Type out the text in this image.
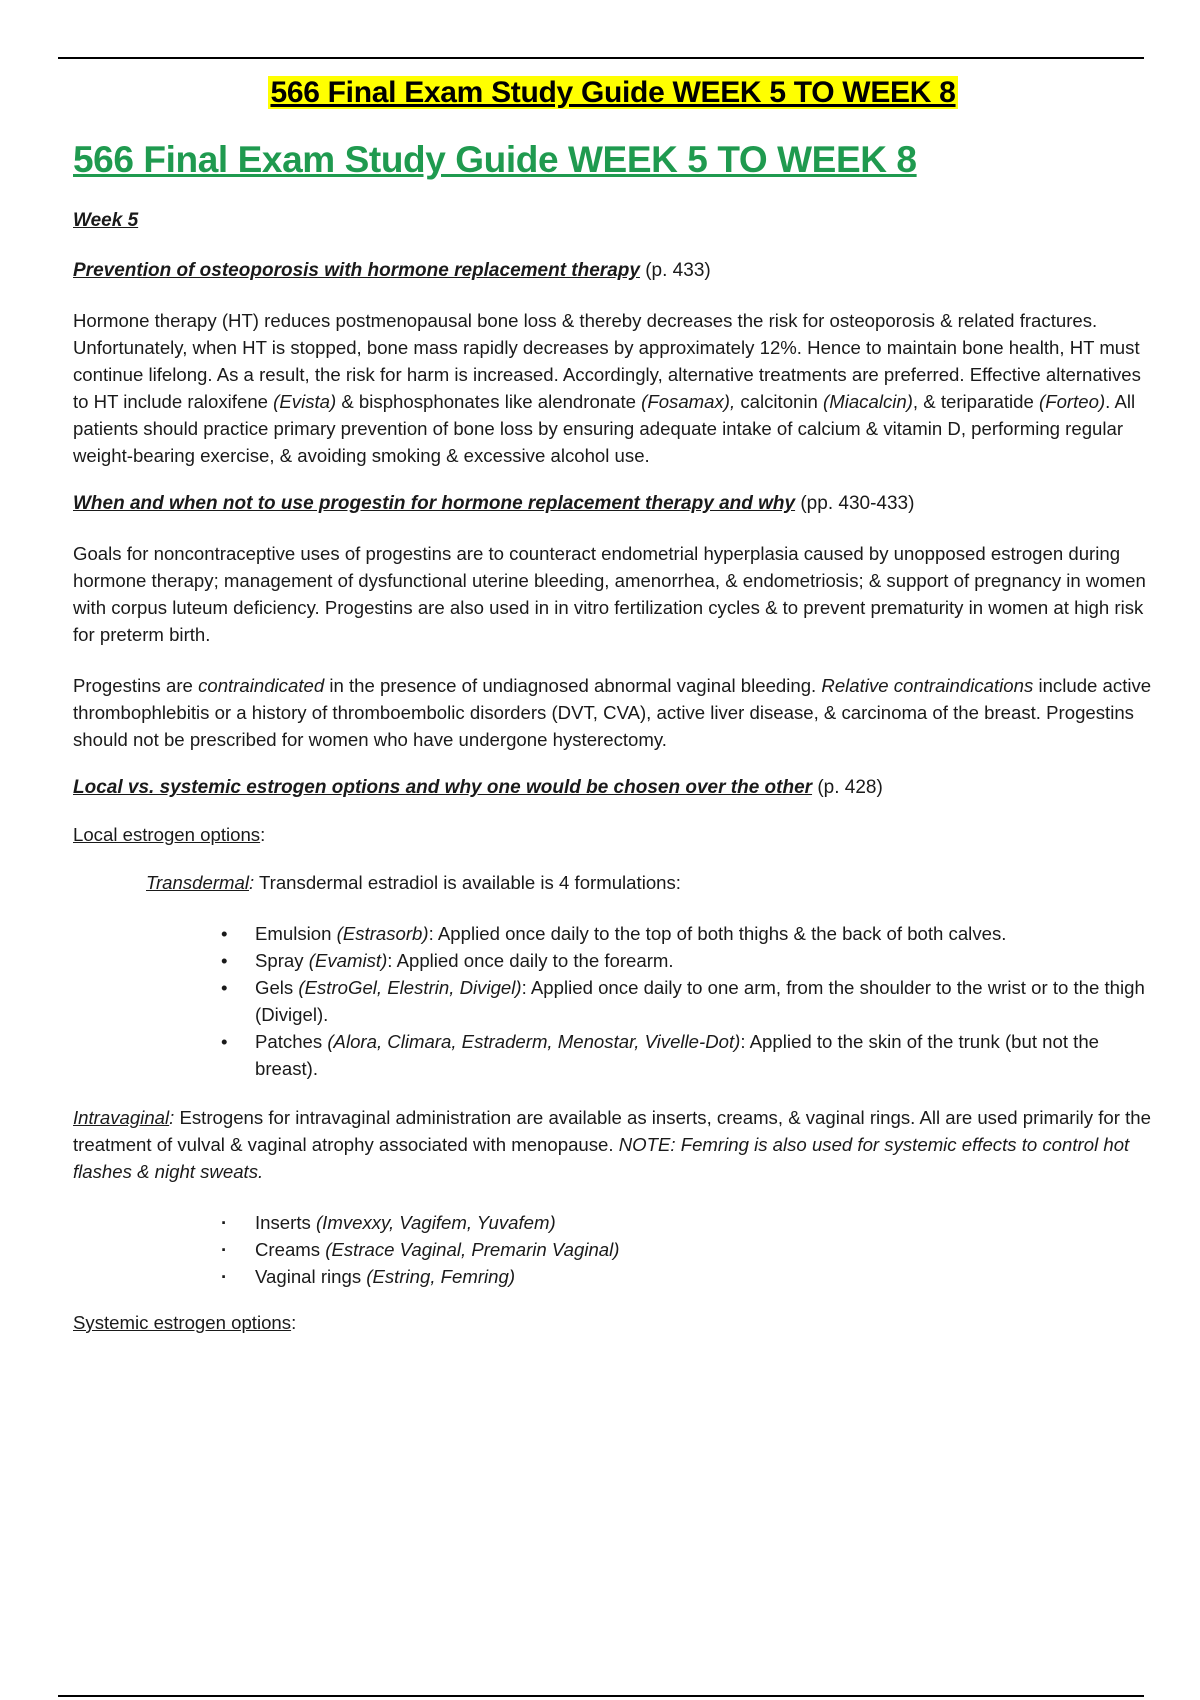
566 Final Exam Study Guide WEEK 5 TO WEEK 8
566 Final Exam Study Guide WEEK 5 TO WEEK 8
Week 5
Prevention of osteoporosis with hormone replacement therapy (p. 433)

Hormone therapy (HT) reduces postmenopausal bone loss & thereby decreases the risk for osteoporosis & related fractures. Unfortunately, when HT is stopped, bone mass rapidly decreases by approximately 12%. Hence to maintain bone health, HT must continue lifelong. As a result, the risk for harm is increased. Accordingly, alternative treatments are preferred. Effective alternatives to HT include raloxifene (Evista) & bisphosphonates like alendronate (Fosamax), calcitonin (Miacalcin), & teriparatide (Forteo). All patients should practice primary prevention of bone loss by ensuring adequate intake of calcium & vitamin D, performing regular weight-bearing exercise, & avoiding smoking & excessive alcohol use.

When and when not to use progestin for hormone replacement therapy and why (pp. 430-433)

Goals for noncontraceptive uses of progestins are to counteract endometrial hyperplasia caused by unopposed estrogen during hormone therapy; management of dysfunctional uterine bleeding, amenorrhea, & endometriosis; & support of pregnancy in women with corpus luteum deficiency. Progestins are also used in in vitro fertilization cycles & to prevent prematurity in women at high risk for preterm birth.

Progestins are contraindicated in the presence of undiagnosed abnormal vaginal bleeding. Relative contraindications include active thrombophlebitis or a history of thromboembolic disorders (DVT, CVA), active liver disease, & carcinoma of the breast. Progestins should not be prescribed for women who have undergone hysterectomy.

Local vs. systemic estrogen options and why one would be chosen over the other (p. 428)
Local estrogen options:
Transdermal: Transdermal estradiol is available is 4 formulations:
• Emulsion (Estrasorb): Applied once daily to the top of both thighs & the back of both calves.
• Spray (Evamist): Applied once daily to the forearm.
• Gels (EstroGel, Elestrin, Divigel): Applied once daily to one arm, from the shoulder to the wrist or to the thigh (Divigel).
• Patches (Alora, Climara, Estraderm, Menostar, Vivelle-Dot): Applied to the skin of the trunk (but not the breast).

Intravaginal: Estrogens for intravaginal administration are available as inserts, creams, & vaginal rings. All are used primarily for the treatment of vulval & vaginal atrophy associated with menopause. NOTE: Femring is also used for systemic effects to control hot flashes & night sweats.

· Inserts (Imvexxy, Vagifem, Yuvafem)
· Creams (Estrace Vaginal, Premarin Vaginal)
· Vaginal rings (Estring, Femring)
Systemic estrogen options:
